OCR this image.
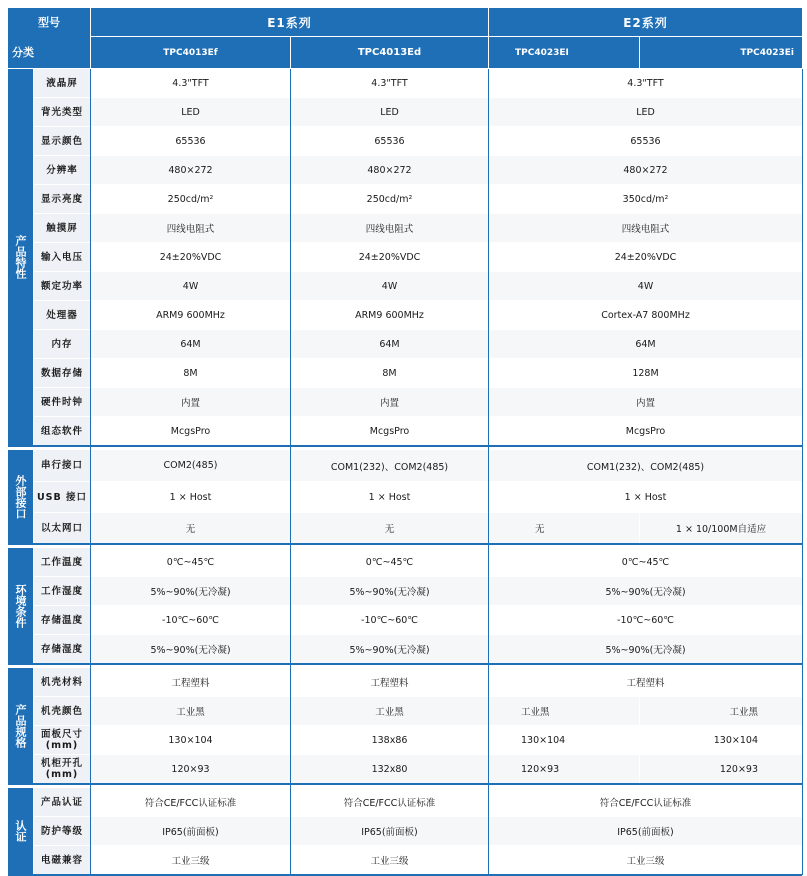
型号
分类
E1系列	E2系列
TPC4013Ef	TPC4013Ed	TPC4023EI	TPC4023Ei
产品特性
液晶屏	4.3"TFT	4.3"TFT	4.3"TFT
背光类型	LED	LED	LED
显示颜色	65536	65536	65536
分辨率	480×272	480×272	480×272
显示亮度	250cd/m²	250cd/m²	350cd/m²
触摸屏	四线电阻式	四线电阻式	四线电阻式
输入电压	24±20%VDC	24±20%VDC	24±20%VDC
额定功率	4W	4W	4W
处理器	ARM9 600MHz	ARM9 600MHz	Cortex-A7 800MHz
内存	64M	64M	64M
数据存储	8M	8M	128M
硬件时钟	内置	内置	内置
组态软件	McgsPro	McgsPro	McgsPro
外部接口
串行接口	COM2(485)	COM1(232)、COM2(485)	COM1(232)、COM2(485)
USB 接口	1 × Host	1 × Host	1 × Host
以太网口	无	无	无	1 × 10/100M自适应
环境条件
工作温度	0℃~45℃	0℃~45℃	0℃~45℃
工作湿度	5%~90%(无冷凝)	5%~90%(无冷凝)	5%~90%(无冷凝)
存储温度	-10℃~60℃	-10℃~60℃	-10℃~60℃
存储湿度	5%~90%(无冷凝)	5%~90%(无冷凝)	5%~90%(无冷凝)
产品规格
机壳材料	工程塑料	工程塑料	工程塑料
机壳颜色	工业黑	工业黑	工业黑	工业黑
面板尺寸(mm)	130×104	138x86	130×104	130×104
机柜开孔(mm)	120×93	132x80	120×93	120×93
认证
产品认证	符合CE/FCC认证标准	符合CE/FCC认证标准	符合CE/FCC认证标准
防护等级	IP65(前面板)	IP65(前面板)	IP65(前面板)
电磁兼容	工业三级	工业三级	工业三级
